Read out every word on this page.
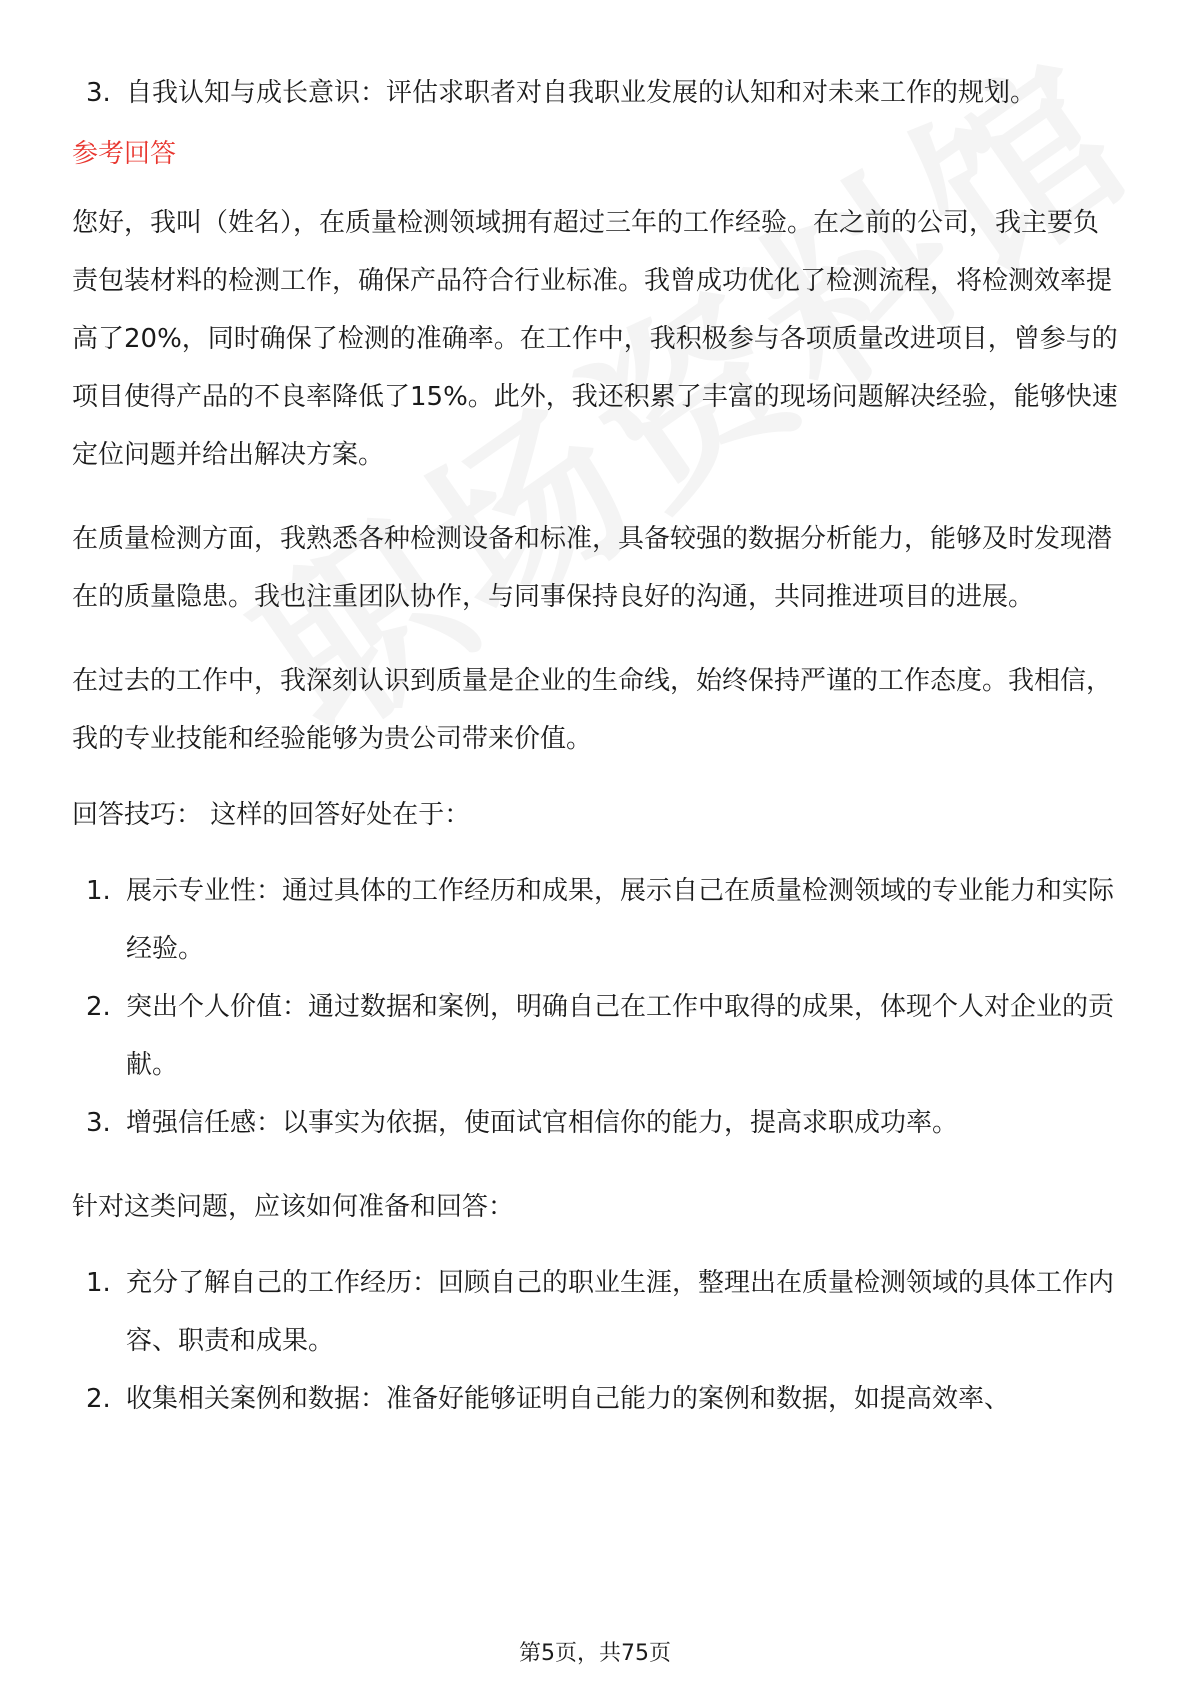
3. 自我认知与成长意识：评估求职者对自我职业发展的认知和对未来工作的规划。
参考回答

您好，我叫（姓名），在质量检测领域拥有超过三年的工作经验。在之前的公司，我主要负责包装材料的检测工作，确保产品符合行业标准。我曾成功优化了检测流程，将检测效率提高了20%，同时确保了检测的准确率。在工作中，我积极参与各项质量改进项目，曾参与的项目使得产品的不良率降低了15%。此外，我还积累了丰富的现场问题解决经验，能够快速定位问题并给出解决方案。

在质量检测方面，我熟悉各种检测设备和标准，具备较强的数据分析能力，能够及时发现潜在的质量隐患。我也注重团队协作，与同事保持良好的沟通，共同推进项目的进展。

在过去的工作中，我深刻认识到质量是企业的生命线，始终保持严谨的工作态度。我相信，我的专业技能和经验能够为贵公司带来价值。

回答技巧： 这样的回答好处在于：

1. 展示专业性：通过具体的工作经历和成果，展示自己在质量检测领域的专业能力和实际经验。
2. 突出个人价值：通过数据和案例，明确自己在工作中取得的成果，体现个人对企业的贡献。
3. 增强信任感：以事实为依据，使面试官相信你的能力，提高求职成功率。

针对这类问题，应该如何准备和回答：

1. 充分了解自己的工作经历：回顾自己的职业生涯，整理出在质量检测领域的具体工作内容、职责和成果。
2. 收集相关案例和数据：准备好能够证明自己能力的案例和数据，如提高效率、
第5页，共75页
